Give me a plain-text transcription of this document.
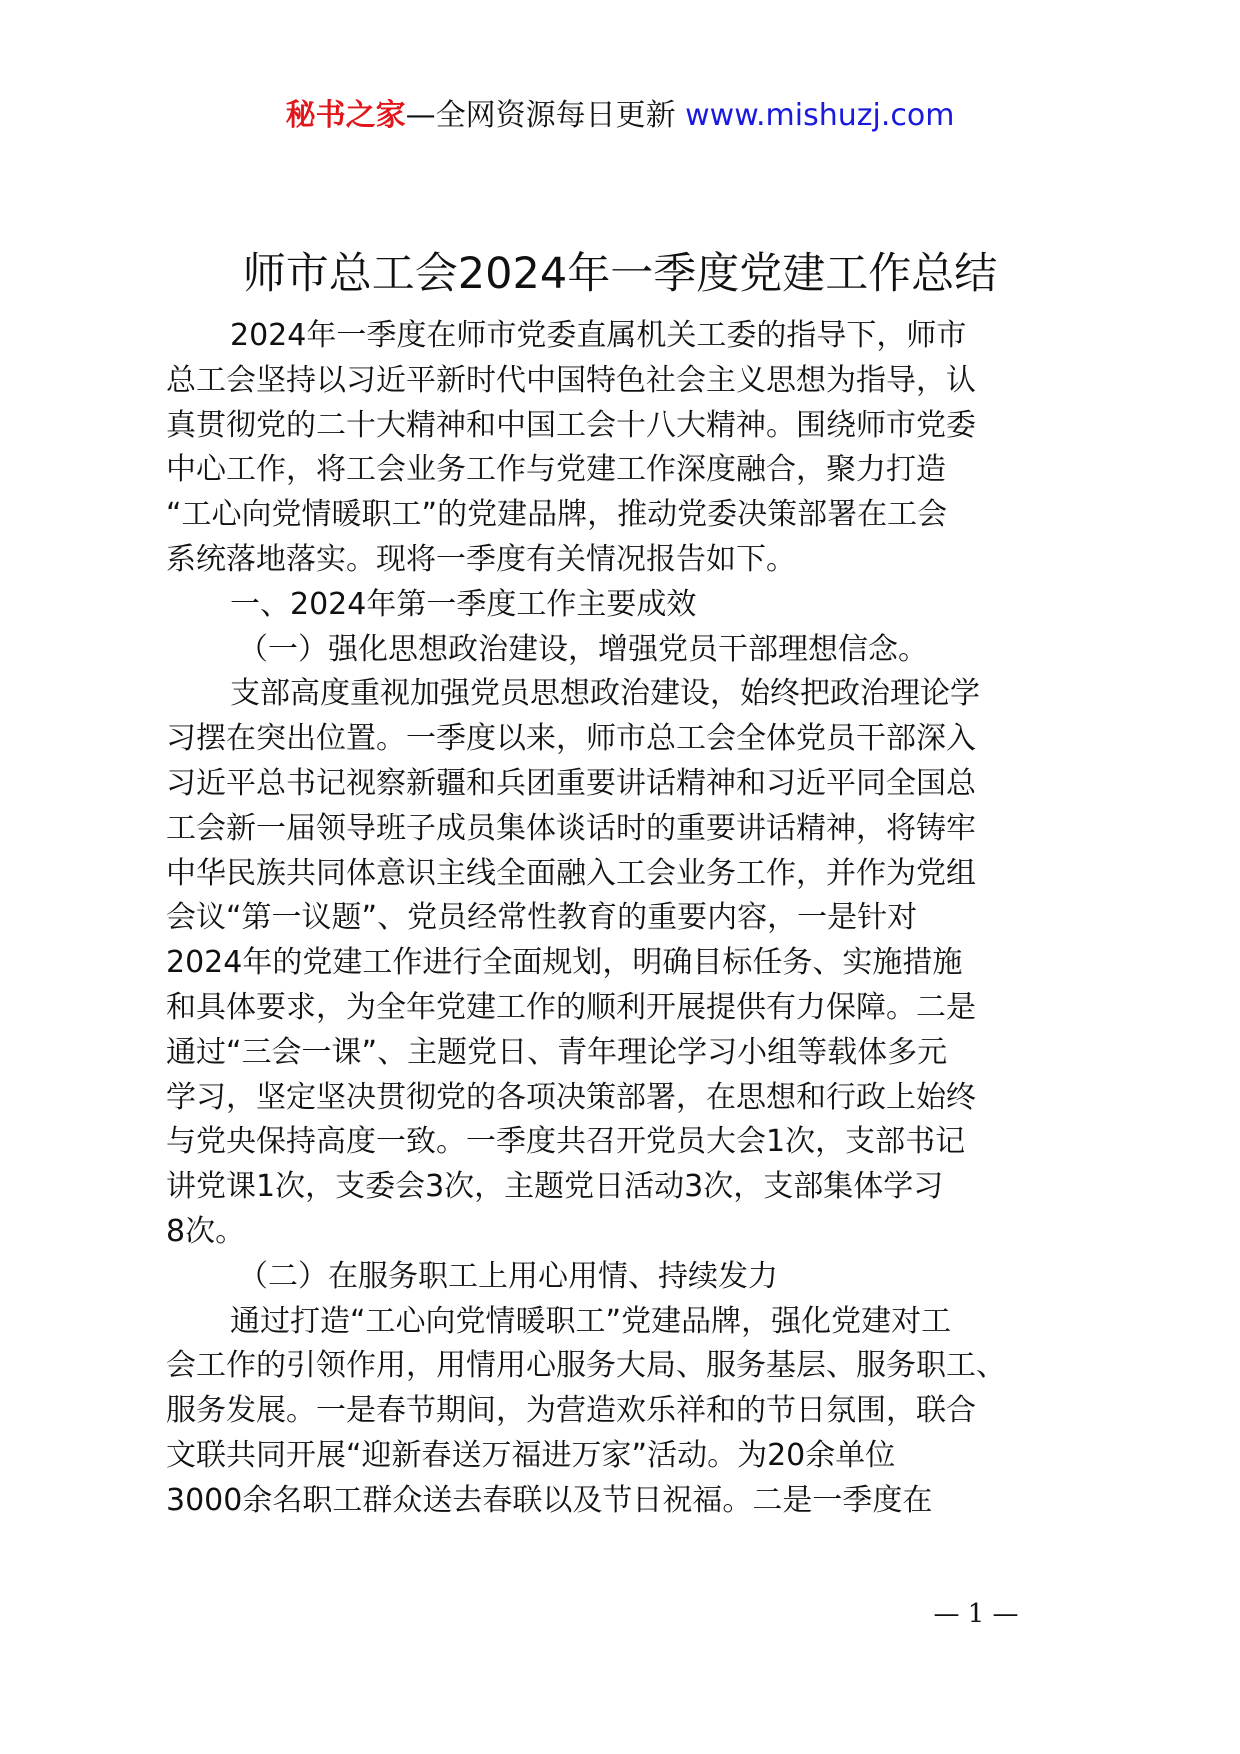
秘书之家—全网资源每日更新 www.mishuzj.com
师市总工会2024年一季度党建工作总结
2024年一季度在师市党委直属机关工委的指导下，师市
总工会坚持以习近平新时代中国特色社会主义思想为指导，认
真贯彻党的二十大精神和中国工会十八大精神。围绕师市党委
中心工作，将工会业务工作与党建工作深度融合，聚力打造
“工心向党情暖职工”的党建品牌，推动党委决策部署在工会
系统落地落实。现将一季度有关情况报告如下。
一、2024年第一季度工作主要成效
（一）强化思想政治建设，增强党员干部理想信念。
支部高度重视加强党员思想政治建设，始终把政治理论学
习摆在突出位置。一季度以来，师市总工会全体党员干部深入
习近平总书记视察新疆和兵团重要讲话精神和习近平同全国总
工会新一届领导班子成员集体谈话时的重要讲话精神，将铸牢
中华民族共同体意识主线全面融入工会业务工作，并作为党组
会议“第一议题”、党员经常性教育的重要内容，一是针对
2024年的党建工作进行全面规划，明确目标任务、实施措施
和具体要求，为全年党建工作的顺利开展提供有力保障。二是
通过“三会一课”、主题党日、青年理论学习小组等载体多元
学习，坚定坚决贯彻党的各项决策部署，在思想和行政上始终
与党央保持高度一致。一季度共召开党员大会1次，支部书记
讲党课1次，支委会3次，主题党日活动3次，支部集体学习
8次。
（二）在服务职工上用心用情、持续发力
通过打造“工心向党情暖职工”党建品牌，强化党建对工
会工作的引领作用，用情用心服务大局、服务基层、服务职工、
服务发展。一是春节期间，为营造欢乐祥和的节日氛围，联合
文联共同开展“迎新春送万福进万家”活动。为20余单位
3000余名职工群众送去春联以及节日祝福。二是一季度在
— 1 —
